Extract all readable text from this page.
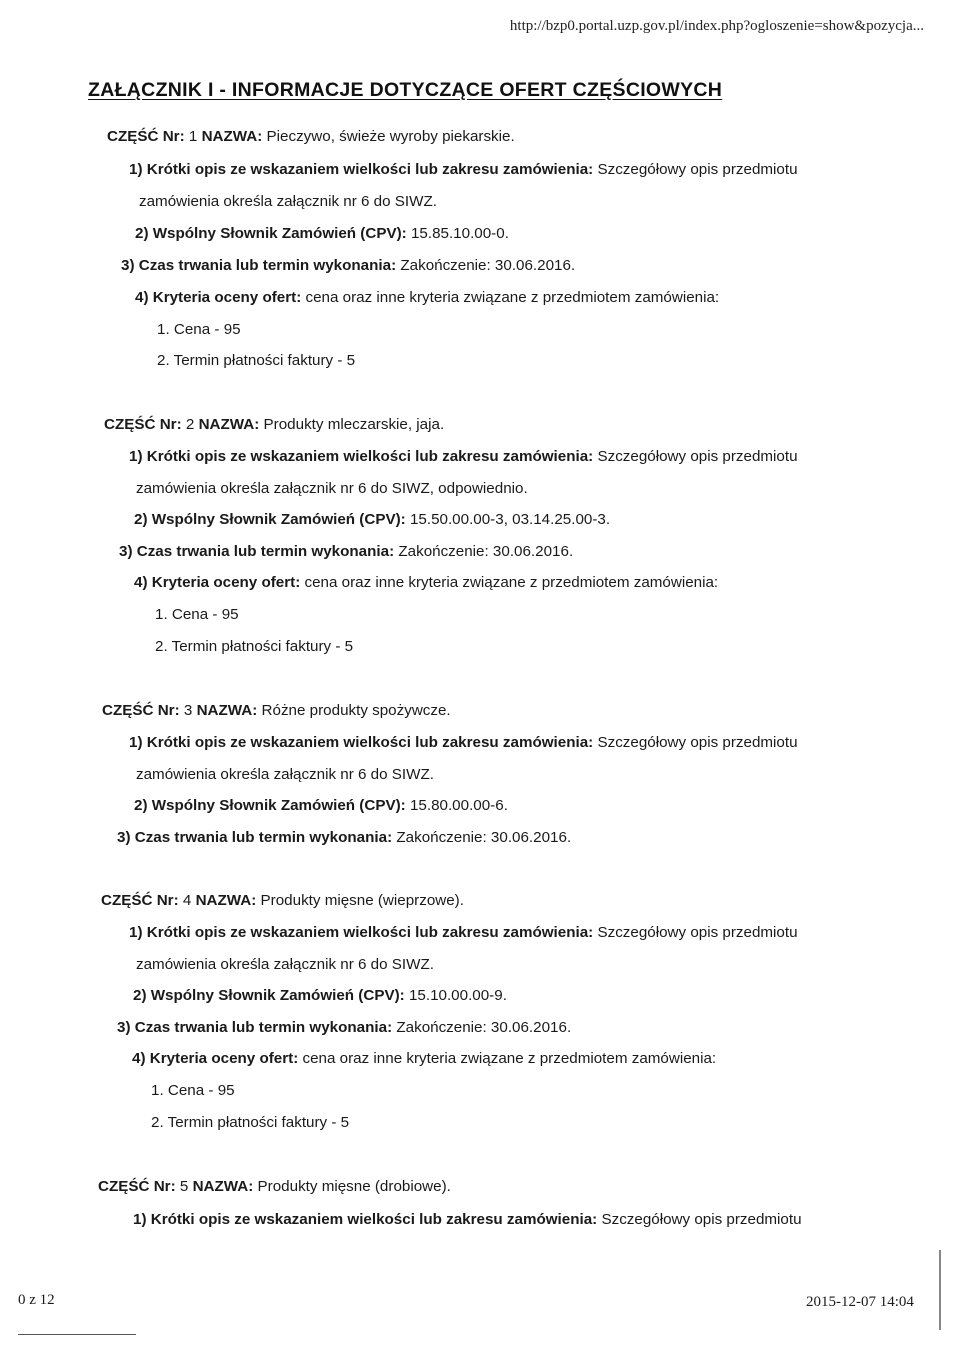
http://bzp0.portal.uzp.gov.pl/index.php?ogloszenie=show&pozycja...
ZAŁĄCZNIK I - INFORMACJE DOTYCZĄCE OFERT CZĘŚCIOWYCH
CZĘŚĆ Nr: 1 NAZWA: Pieczywo, świeże wyroby piekarskie.
1) Krótki opis ze wskazaniem wielkości lub zakresu zamówienia: Szczegółowy opis przedmiotu
zamówienia określa załącznik nr 6 do SIWZ.
2) Wspólny Słownik Zamówień (CPV): 15.85.10.00-0.
3) Czas trwania lub termin wykonania: Zakończenie: 30.06.2016.
4) Kryteria oceny ofert: cena oraz inne kryteria związane z przedmiotem zamówienia:
1. Cena - 95
2. Termin płatności faktury - 5
CZĘŚĆ Nr: 2 NAZWA: Produkty mleczarskie, jaja.
1) Krótki opis ze wskazaniem wielkości lub zakresu zamówienia: Szczegółowy opis przedmiotu
zamówienia określa załącznik nr 6 do SIWZ, odpowiednio.
2) Wspólny Słownik Zamówień (CPV): 15.50.00.00-3, 03.14.25.00-3.
3) Czas trwania lub termin wykonania: Zakończenie: 30.06.2016.
4) Kryteria oceny ofert: cena oraz inne kryteria związane z przedmiotem zamówienia:
1. Cena - 95
2. Termin płatności faktury - 5
CZĘŚĆ Nr: 3 NAZWA: Różne produkty spożywcze.
1) Krótki opis ze wskazaniem wielkości lub zakresu zamówienia: Szczegółowy opis przedmiotu
zamówienia określa załącznik nr 6 do SIWZ.
2) Wspólny Słownik Zamówień (CPV): 15.80.00.00-6.
3) Czas trwania lub termin wykonania: Zakończenie: 30.06.2016.
CZĘŚĆ Nr: 4 NAZWA: Produkty mięsne (wieprzowe).
1) Krótki opis ze wskazaniem wielkości lub zakresu zamówienia: Szczegółowy opis przedmiotu
zamówienia określa załącznik nr 6 do SIWZ.
2) Wspólny Słownik Zamówień (CPV): 15.10.00.00-9.
3) Czas trwania lub termin wykonania: Zakończenie: 30.06.2016.
4) Kryteria oceny ofert: cena oraz inne kryteria związane z przedmiotem zamówienia:
1. Cena - 95
2. Termin płatności faktury - 5
CZĘŚĆ Nr: 5 NAZWA: Produkty mięsne (drobiowe).
1) Krótki opis ze wskazaniem wielkości lub zakresu zamówienia: Szczegółowy opis przedmiotu
0 z 12	2015-12-07 14:04
